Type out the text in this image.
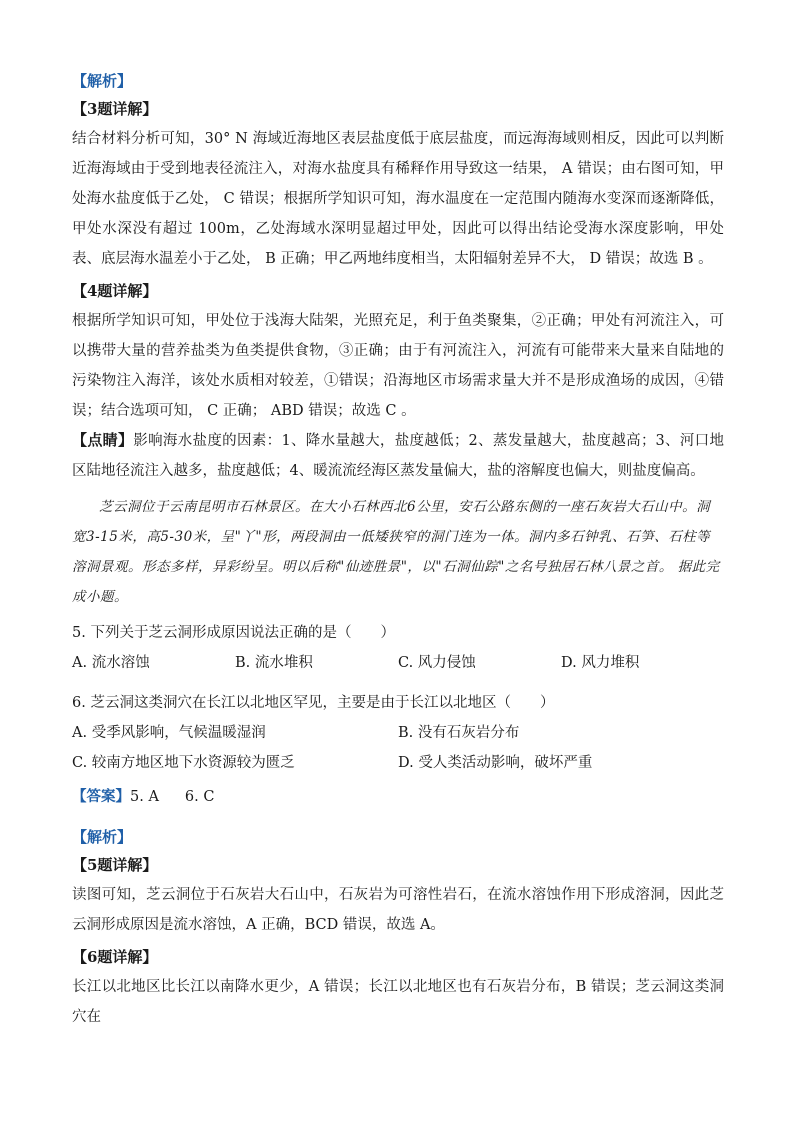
【解析】
【3题详解】

结合材料分析可知，30° N 海域近海地区表层盐度低于底层盐度，而远海海域则相反，因此可以判断近海海域由于受到地表径流注入，对海水盐度具有稀释作用导致这一结果， A 错误；由右图可知，甲处海水盐度低于乙处， C 错误；根据所学知识可知，海水温度在一定范围内随海水变深而逐渐降低，甲处水深没有超过 100m，乙处海域水深明显超过甲处，因此可以得出结论受海水深度影响，甲处表、底层海水温差小于乙处， B 正确；甲乙两地纬度相当，太阳辐射差异不大， D 错误；故选 B 。

【4题详解】

根据所学知识可知，甲处位于浅海大陆架，光照充足，利于鱼类聚集，②正确；甲处有河流注入，可以携带大量的营养盐类为鱼类提供食物，③正确；由于有河流注入，河流有可能带来大量来自陆地的污染物注入海洋，该处水质相对较差，①错误；沿海地区市场需求量大并不是形成渔场的成因，④错误；结合选项可知， C 正确； ABD 错误；故选 C 。

【点睛】影响海水盐度的因素：1、降水量越大，盐度越低；2、蒸发量越大，盐度越高；3、河口地区陆地径流注入越多，盐度越低；4、暖流流经海区蒸发量偏大，盐的溶解度也偏大，则盐度偏高。

芝云洞位于云南昆明市石林景区。在大小石林西北6公里，安石公路东侧的一座石灰岩大石山中。洞宽3-15米，高5-30米，呈"丫"形，两段洞由一低矮狭窄的洞门连为一体。洞内多石钟乳、石笋、石柱等溶洞景观。形态多样，异彩纷呈。明以后称"仙迹胜景"，以"石洞仙踪"之名号独居石林八景之首。 据此完成小题。

5. 下列关于芝云洞形成原因说法正确的是（　　）
A. 流水溶蚀	B. 流水堆积	C. 风力侵蚀	D. 风力堆积
6. 芝云洞这类洞穴在长江以北地区罕见，主要是由于长江以北地区（　　）
A. 受季风影响，气候温暖湿润	B. 没有石灰岩分布
C. 较南方地区地下水资源较为匮乏	D. 受人类活动影响，破坏严重
【答案】5. A 6. C
【解析】
【5题详解】

读图可知，芝云洞位于石灰岩大石山中，石灰岩为可溶性岩石，在流水溶蚀作用下形成溶洞，因此芝云洞形成原因是流水溶蚀，A 正确，BCD 错误，故选 A。

【6题详解】

长江以北地区比长江以南降水更少，A 错误；长江以北地区也有石灰岩分布，B 错误；芝云洞这类洞穴在
